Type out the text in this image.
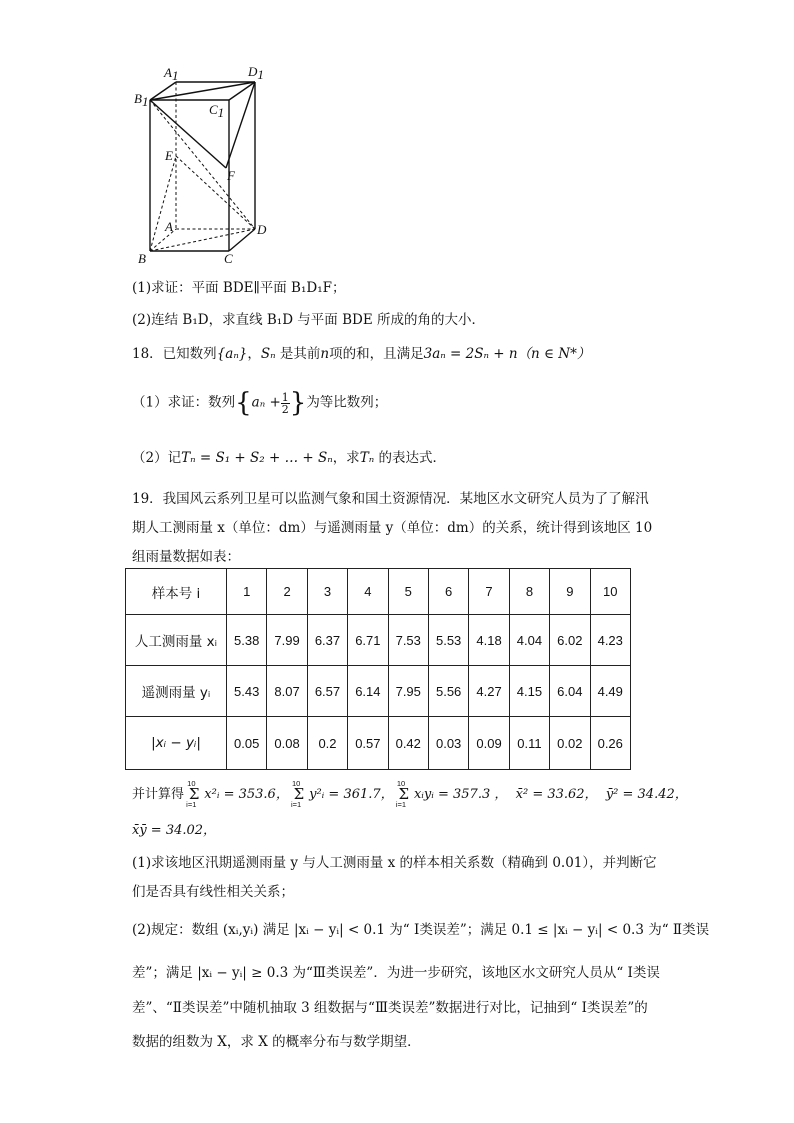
A1	D1
B1
C1
E
F
A	D
B	C
(1)求证：平面 BDE∥平面 B₁D₁F；
(2)连结 B₁D，求直线 B₁D 与平面 BDE 所成的角的大小．
18．已知数列{aₙ}，Sₙ 是其前n项的和，且满足3aₙ = 2Sₙ + n（n ∈ N*）
（1）求证：数列{$a_n + \frac{1}{2}$ }为等比数列；
（2）记Tₙ = S₁ + S₂ + … + Sₙ，求Tₙ 的表达式．
19．我国风云系列卫星可以监测气象和国土资源情况．某地区水文研究人员为了了解汛
期人工测雨量 x（单位：dm）与遥测雨量 y（单位：dm）的关系，统计得到该地区 10
组雨量数据如表：
样本号 i	1	2	3	4	5	6	7	8	9	10
人工测雨量 xᵢ	5.38	7.99	6.37	6.71	7.53	5.53	4.18	4.04	6.02	4.23
遥测雨量 yᵢ	5.43	8.07	6.57	6.14	7.95	5.56	4.27	4.15	6.04	4.49
|xᵢ − yᵢ|	0.05	0.08	0.2	0.57	0.42	0.03	0.09	0.11	0.02	0.26
并计算得 Σ
10
i=1
x²ᵢ = 353.6， Σ
10
i=1
y²ᵢ = 361.7， Σ
10
i=1
xᵢyᵢ = 357.3 ， x̄² = 33.62， ȳ² = 34.42，
x̄ȳ = 34.02，
(1)求该地区汛期遥测雨量 y 与人工测雨量 x 的样本相关系数（精确到 0.01），并判断它
们是否具有线性相关关系；
(2)规定：数组 (xᵢ,yᵢ) 满足 |xᵢ − yᵢ| < 0.1 为“ Ⅰ类误差”；满足 0.1 ≤ |xᵢ − yᵢ| < 0.3 为“ Ⅱ类误
差”；满足 |xᵢ − yᵢ| ≥ 0.3 为“Ⅲ类误差”．为进一步研究，该地区水文研究人员从“ Ⅰ类误
差”、“Ⅱ类误差”中随机抽取 3 组数据与“Ⅲ类误差”数据进行对比，记抽到“ Ⅰ类误差”的
数据的组数为 X，求 X 的概率分布与数学期望．
